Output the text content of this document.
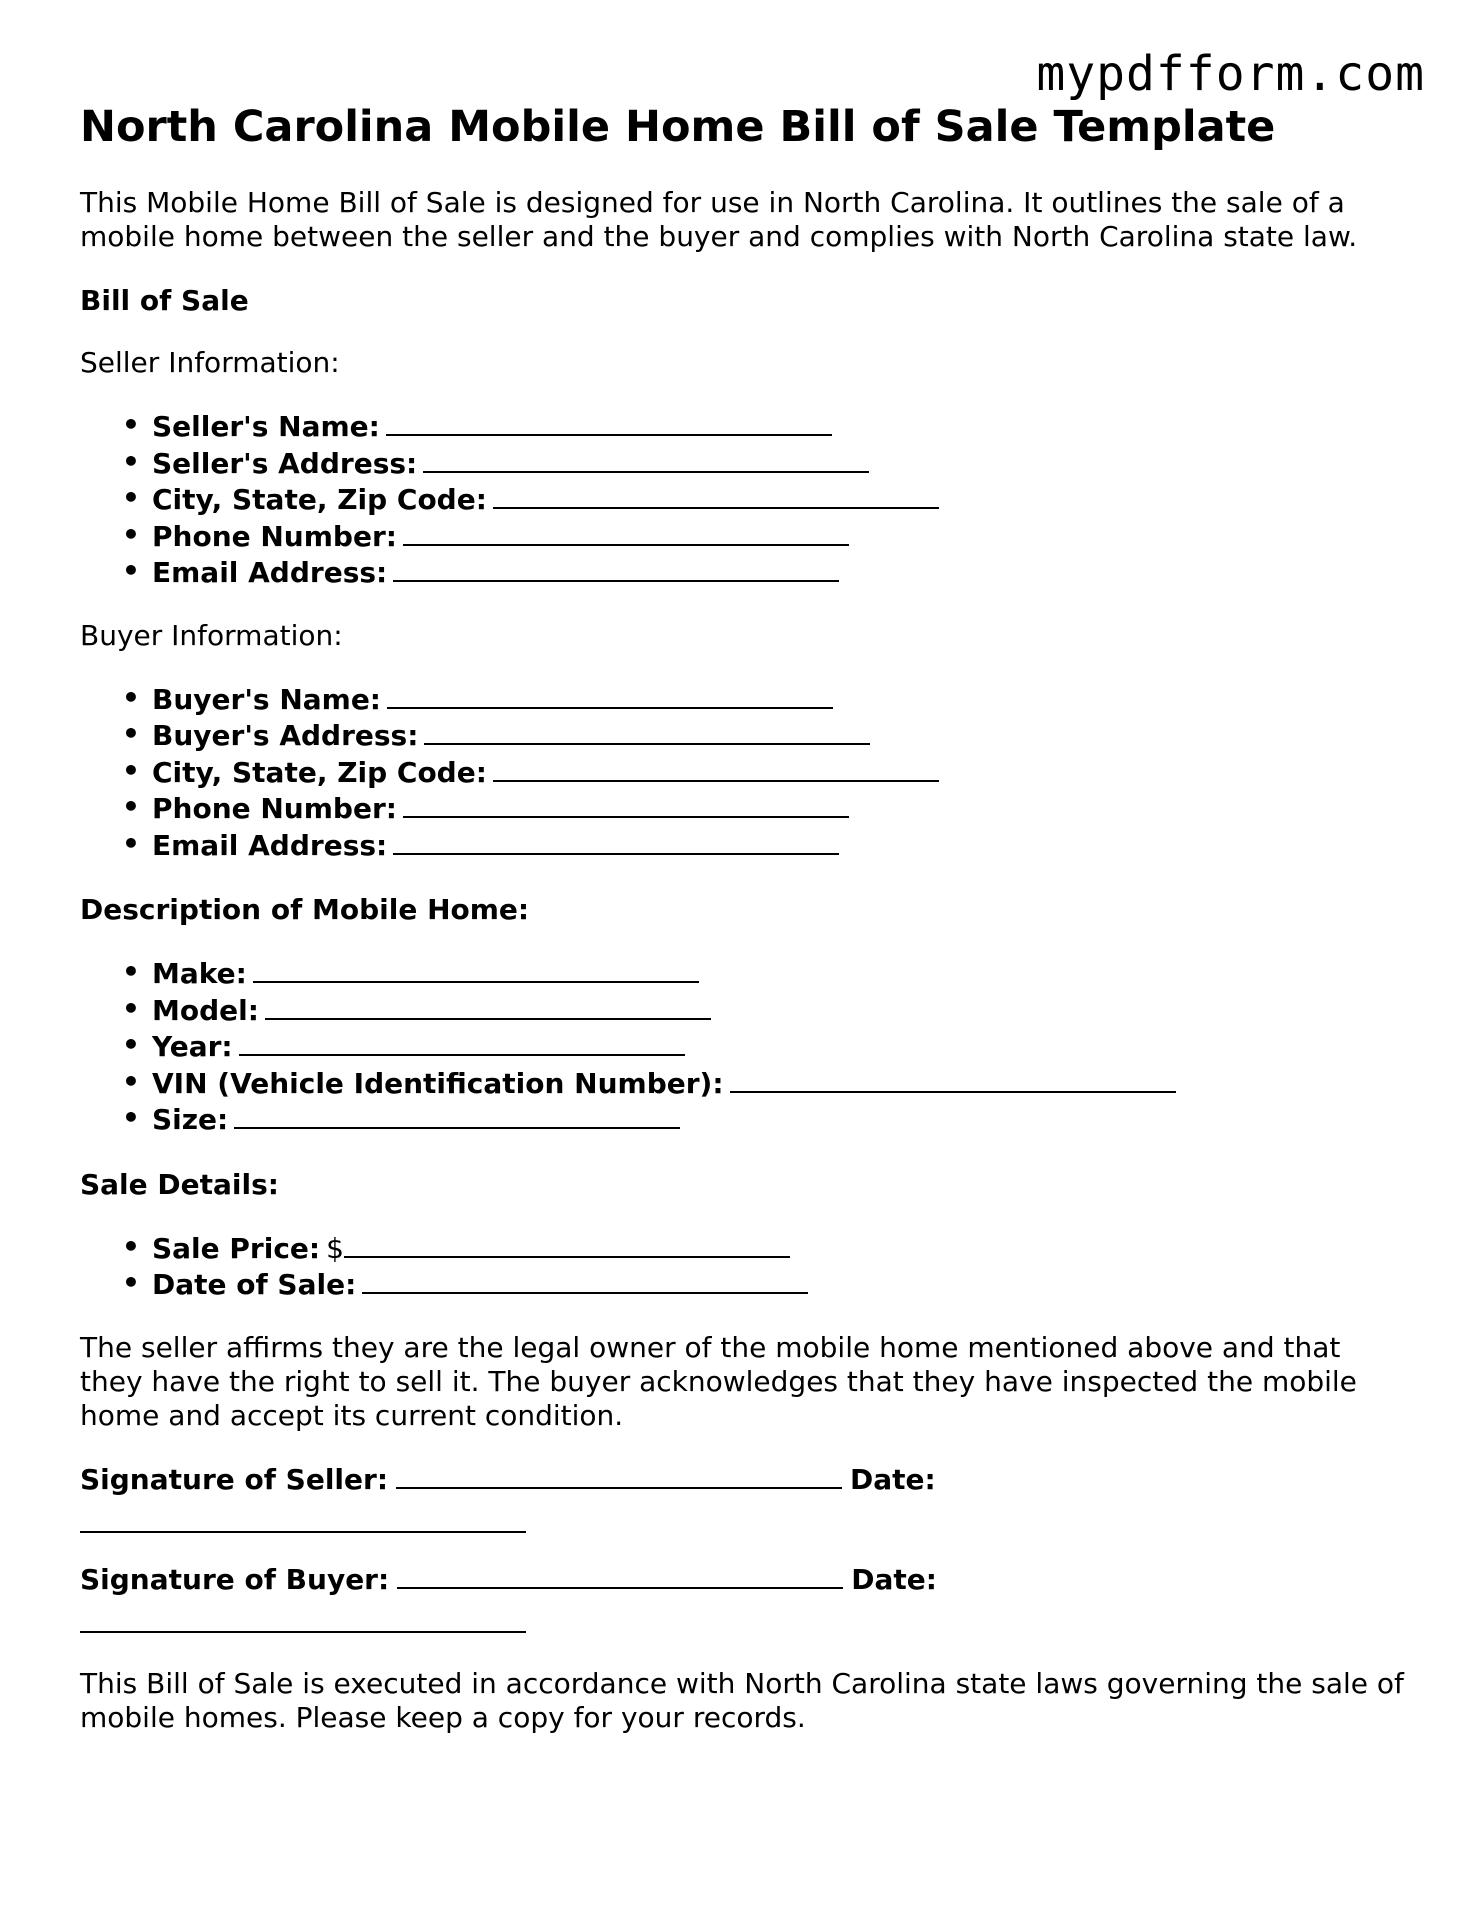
mypdfform.com
North Carolina Mobile Home Bill of Sale Template

This Mobile Home Bill of Sale is designed for use in North Carolina. It outlines the sale of a mobile home between the seller and the buyer and complies with North Carolina state law.

Bill of Sale

Seller Information:

• Seller's Name:
• Seller's Address:
• City, State, Zip Code:
• Phone Number:
• Email Address:

Buyer Information:

• Buyer's Name:
• Buyer's Address:
• City, State, Zip Code:
• Phone Number:
• Email Address:

Description of Mobile Home:

• Make:
• Model:
• Year:
• VIN (Vehicle Identification Number):
• Size:

Sale Details:

• Sale Price: $
• Date of Sale:

The seller affirms they are the legal owner of the mobile home mentioned above and that they have the right to sell it. The buyer acknowledges that they have inspected the mobile home and accept its current condition.

Signature of Seller:	Date:
Signature of Buyer:	Date:

This Bill of Sale is executed in accordance with North Carolina state laws governing the sale of mobile homes. Please keep a copy for your records.
